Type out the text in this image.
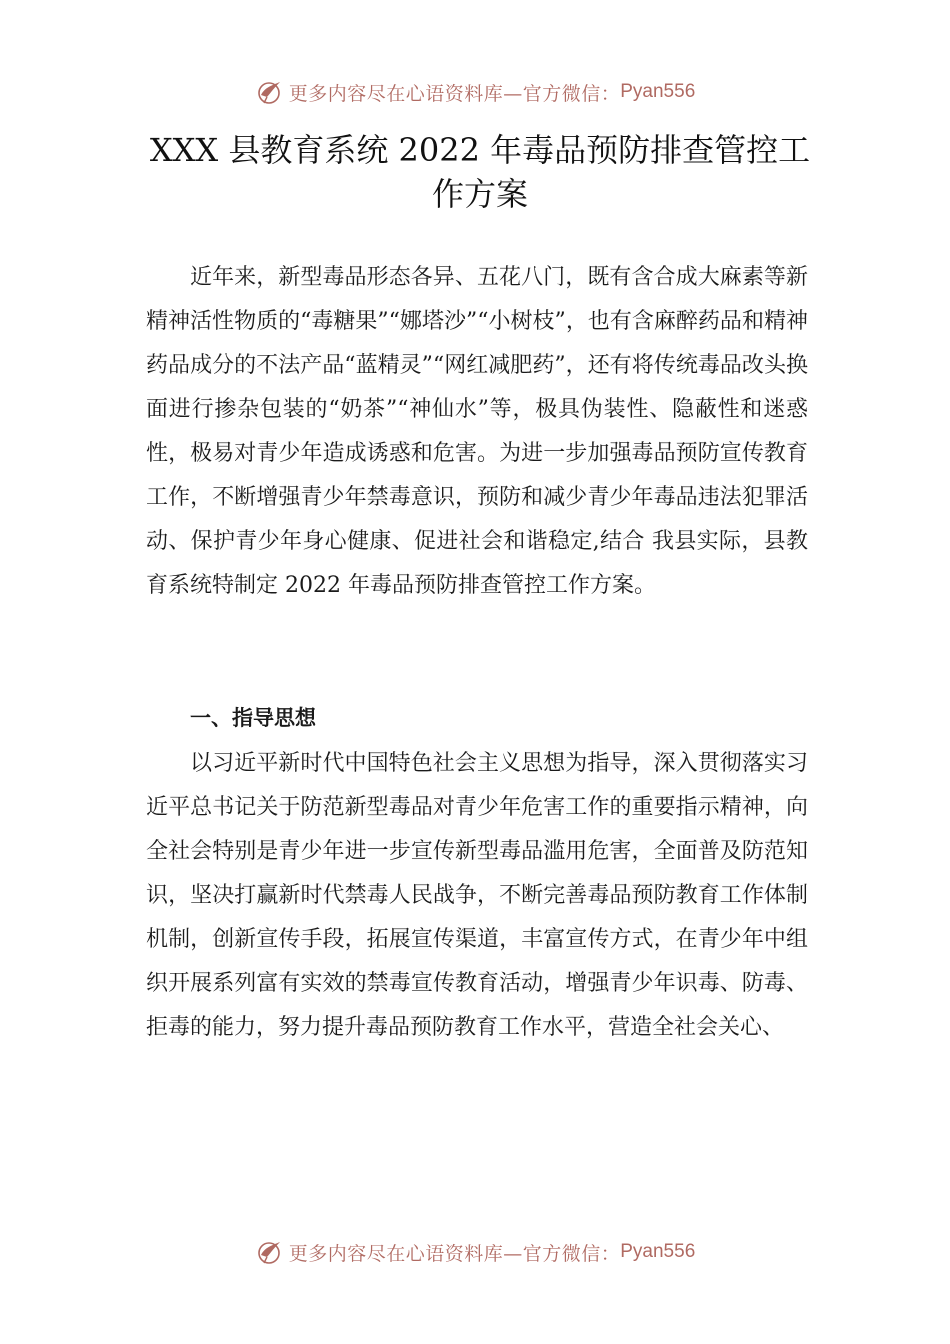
更多内容尽在心语资料库—官方微信： Pyan556
XXX 县教育系统 2022 年毒品预防排查管控工作方案

近年来，新型毒品形态各异、五花八门，既有含合成大麻素等新精神活性物质的“毒糖果”“娜塔沙”“小树枝”，也有含麻醉药品和精神药品成分的不法产品“蓝精灵”“网红减肥药”，还有将传统毒品改头换面进行掺杂包装的“奶茶”“神仙水”等，极具伪装性、隐蔽性和迷惑性，极易对青少年造成诱惑和危害。为进一步加强毒品预防宣传教育工作，不断增强青少年禁毒意识，预防和减少青少年毒品违法犯罪活动、保护青少年身心健康、促进社会和谐稳定,结合 我县实际，县教育系统特制定 2022 年毒品预防排查管控工作方案。

一、指导思想

以习近平新时代中国特色社会主义思想为指导，深入贯彻落实习近平总书记关于防范新型毒品对青少年危害工作的重要指示精神，向全社会特别是青少年进一步宣传新型毒品滥用危害，全面普及防范知识，坚决打赢新时代禁毒人民战争，不断完善毒品预防教育工作体制机制，创新宣传手段，拓展宣传渠道，丰富宣传方式，在青少年中组织开展系列富有实效的禁毒宣传教育活动，增强青少年识毒、防毒、拒毒的能力，努力提升毒品预防教育工作水平，营造全社会关心、

更多内容尽在心语资料库—官方微信： Pyan556
